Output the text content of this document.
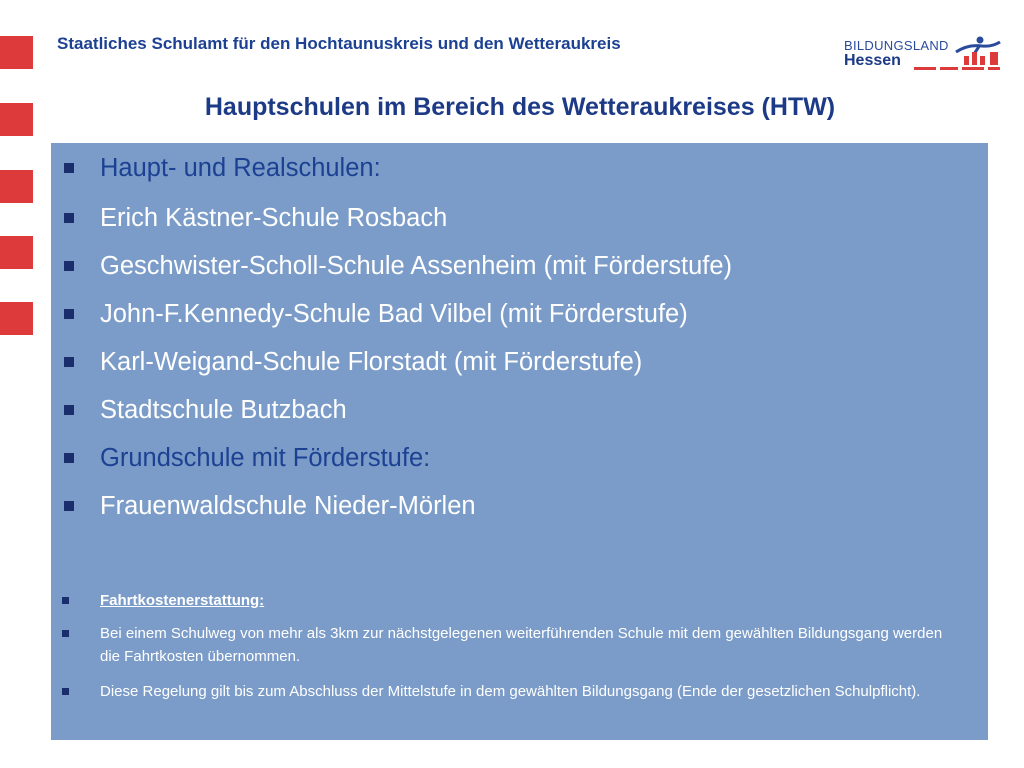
Staatliches Schulamt für den Hochtaunuskreis und den Wetteraukreis	BILDUNGSLAND
Hessen
Hauptschulen im Bereich des Wetteraukreises (HTW)
Haupt- und Realschulen:
Erich Kästner-Schule Rosbach
Geschwister-Scholl-Schule Assenheim (mit Förderstufe)
John-F.Kennedy-Schule Bad Vilbel (mit Förderstufe)
Karl-Weigand-Schule Florstadt (mit Förderstufe)
Stadtschule Butzbach
Grundschule mit Förderstufe:
Frauenwaldschule Nieder-Mörlen
Fahrtkostenerstattung:
Bei einem Schulweg von mehr als 3km zur nächstgelegenen weiterführenden Schule mit dem gewählten Bildungsgang werden die Fahrtkosten übernommen.
Diese Regelung gilt bis zum Abschluss der Mittelstufe in dem gewählten Bildungsgang (Ende der gesetzlichen Schulpflicht).
